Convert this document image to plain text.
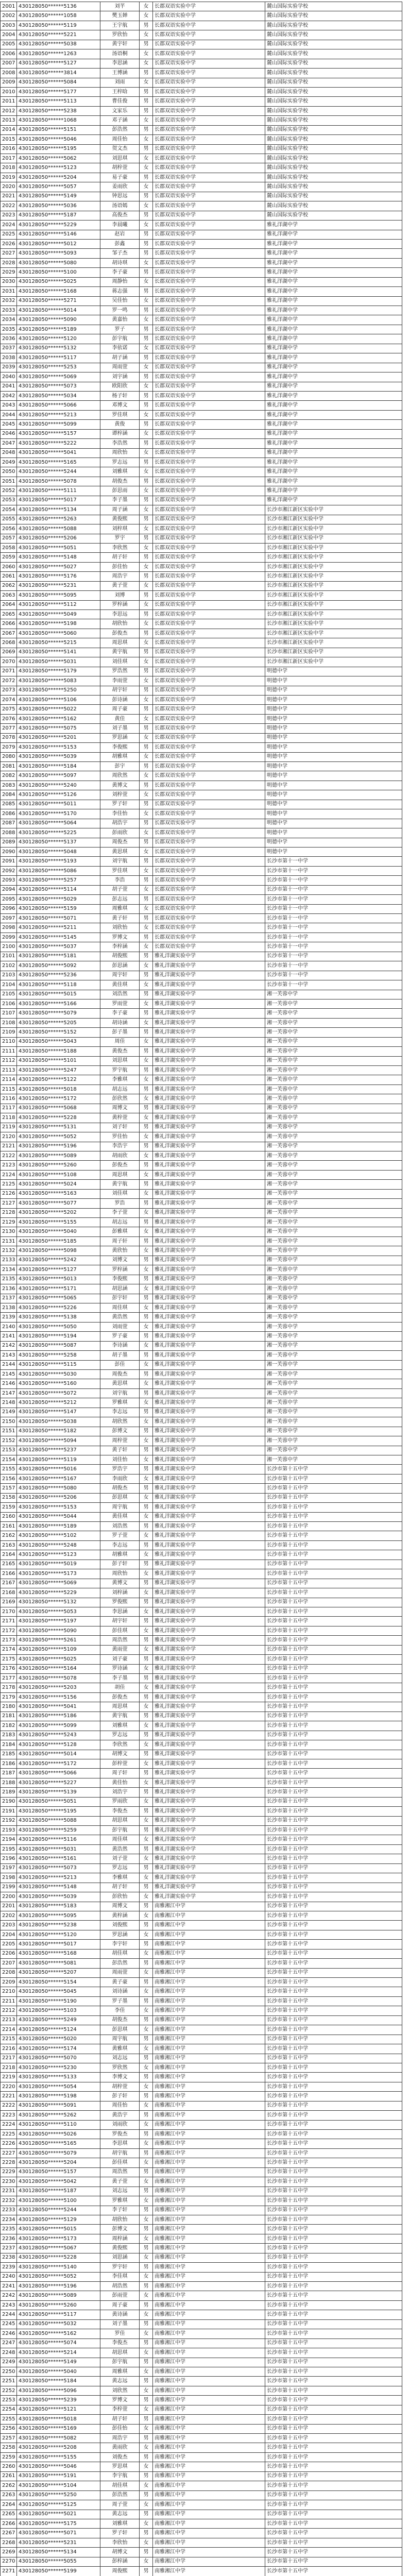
2001	430128050******5136	刘芊	女	长郡双语实验中学	麓山国际实验学校
2002	430128050******1058	樊玉婵	女	长郡双语实验中学	麓山国际实验学校
2003	430128050******5119	王宇航	男	长郡双语实验中学	麓山国际实验学校
2004	430128050******5221	罗欣怡	女	长郡双语实验中学	麓山国际实验学校
2005	430128050******5038	黄宇轩	男	长郡双语实验中学	麓山国际实验学校
2006	430128050******1263	汤语桐	女	长郡双语实验中学	麓山国际实验学校
2007	430128050******5127	李思涵	女	长郡双语实验中学	麓山国际实验学校
2008	430128050******3814	王博涵	男	长郡双语实验中学	麓山国际实验学校
2009	430128050******5084	刘雨	女	长郡双语实验中学	麓山国际实验学校
2010	430128050******5177	王梓晗	男	长郡双语实验中学	麓山国际实验学校
2011	430128050******5113	曹佳俊	男	长郡双语实验中学	麓山国际实验学校
2012	430128050******5238	文家乐	男	长郡双语实验中学	麓山国际实验学校
2013	430128050******1068	邓子涵	女	长郡双语实验中学	麓山国际实验学校
2014	430128050******5151	彭浩然	男	长郡双语实验中学	麓山国际实验学校
2015	430128050******5046	周佳怡	女	长郡双语实验中学	麓山国际实验学校
2016	430128050******5195	贺文杰	男	长郡双语实验中学	麓山国际实验学校
2017	430128050******5062	刘思琪	女	长郡双语实验中学	麓山国际实验学校
2018	430128050******5123	胡梓萱	女	长郡双语实验中学	麓山国际实验学校
2019	430128050******5204	易子豪	男	长郡双语实验中学	麓山国际实验学校
2020	430128050******5057	姜雨欣	女	长郡双语实验中学	麓山国际实验学校
2021	430128050******5149	钟思远	男	长郡双语实验中学	麓山国际实验学校
2022	430128050******5036	汤语嫣	女	长郡双语实验中学	麓山国际实验学校
2023	430128050******5187	高俊杰	男	长郡双语实验中学	麓山国际实验学校
2024	430128050******5229	李晨曦	女	长郡双语实验中学	雅礼洋湖中学
2025	430128050******5146	赵岩	男	长郡双语实验中学	雅礼洋湖中学
2026	430128050******5012	彭鑫	男	长郡双语实验中学	雅礼洋湖中学
2027	430128050******5093	邹子杰	男	长郡双语实验中学	雅礼洋湖中学
2028	430128050******5080	胡诗琪	女	长郡双语实验中学	雅礼洋湖中学
2029	430128050******5100	李子豪	男	长郡双语实验中学	雅礼洋湖中学
2030	430128050******5025	周静怡	女	长郡双语实验中学	雅礼洋湖中学
2031	430128050******5168	蒋志强	男	长郡双语实验中学	雅礼洋湖中学
2032	430128050******5271	吴佳怡	女	长郡双语实验中学	雅礼洋湖中学
2033	430128050******5014	罗一鸣	男	长郡双语实验中学	雅礼洋湖中学
2034	430128050******5090	黄嘉怡	女	长郡双语实验中学	雅礼洋湖中学
2035	430128050******5189	罗子	男	长郡双语实验中学	雅礼洋湖中学
2036	430128050******5120	彭宇航	男	长郡双语实验中学	雅礼洋湖中学
2037	430128050******5132	李依诺	女	长郡双语实验中学	雅礼洋湖中学
2038	430128050******5117	胡子涵	男	长郡双语实验中学	雅礼洋湖中学
2039	430128050******5253	周雨萱	女	长郡双语实验中学	雅礼洋湖中学
2040	430128050******5069	刘宇涵	男	长郡双语实验中学	雅礼洋湖中学
2041	430128050******5073	欧阳欣	女	长郡双语实验中学	雅礼洋湖中学
2042	430128050******5034	杨子轩	男	长郡双语实验中学	雅礼洋湖中学
2043	430128050******5066	邓博文	男	长郡双语实验中学	雅礼洋湖中学
2044	430128050******5213	罗佳琪	女	长郡双语实验中学	雅礼洋湖中学
2045	430128050******5099	黄俊	男	长郡双语实验中学	雅礼洋湖中学
2046	430128050******5157	谭梓涵	女	长郡双语实验中学	雅礼洋湖中学
2047	430128050******5222	李浩然	男	长郡双语实验中学	雅礼洋湖中学
2048	430128050******5041	周欣怡	女	长郡双语实验中学	雅礼洋湖中学
2049	430128050******5165	罗志远	男	长郡双语实验中学	雅礼洋湖中学
2050	430128050******5244	刘雅琪	女	长郡双语实验中学	雅礼洋湖中学
2051	430128050******5078	胡俊杰	男	长郡双语实验中学	雅礼洋湖中学
2052	430128050******5111	彭思雨	女	长郡双语实验中学	雅礼洋湖中学
2053	430128050******5017	李子墨	男	长郡双语实验中学	雅礼洋湖中学
2054	430128050******5134	周子涵	女	长郡双语实验中学	长沙市湘江新区实验中学
2055	430128050******5263	黄俊熙	男	长郡双语实验中学	长沙市湘江新区实验中学
2056	430128050******5088	刘梓琪	女	长郡双语实验中学	长沙市湘江新区实验中学
2057	430128050******5206	罗宇	男	长郡双语实验中学	长沙市湘江新区实验中学
2058	430128050******5051	李欣然	女	长郡双语实验中学	长沙市湘江新区实验中学
2059	430128050******5148	胡子轩	男	长郡双语实验中学	长沙市湘江新区实验中学
2060	430128050******5027	彭佳怡	女	长郡双语实验中学	长沙市湘江新区实验中学
2061	430128050******5176	周浩宇	男	长郡双语实验中学	长沙市湘江新区实验中学
2062	430128050******5231	黄子萱	女	长郡双语实验中学	长沙市湘江新区实验中学
2063	430128050******5095	刘博	男	长郡双语实验中学	长沙市湘江新区实验中学
2064	430128050******5112	罗梓涵	女	长郡双语实验中学	长沙市湘江新区实验中学
2065	430128050******5049	李思远	男	长郡双语实验中学	长沙市湘江新区实验中学
2066	430128050******5198	胡欣怡	女	长郡双语实验中学	长沙市湘江新区实验中学
2067	430128050******5060	彭俊杰	男	长郡双语实验中学	长沙市湘江新区实验中学
2068	430128050******5215	周思琪	女	长郡双语实验中学	长沙市湘江新区实验中学
2069	430128050******5141	黄宇航	男	长郡双语实验中学	长沙市湘江新区实验中学
2070	430128050******5031	刘佳琪	女	长郡双语实验中学	长沙市湘江新区实验中学
2071	430128050******5179	罗浩然	男	长郡双语实验中学	明德中学
2072	430128050******5083	李雨萱	女	长郡双语实验中学	明德中学
2073	430128050******5250	胡宇轩	男	长郡双语实验中学	明德中学
2074	430128050******5106	彭诗涵	女	长郡双语实验中学	明德中学
2075	430128050******5022	周子豪	男	长郡双语实验中学	明德中学
2076	430128050******5162	黄佳	女	长郡双语实验中学	明德中学
2077	430128050******5075	刘子墨	男	长郡双语实验中学	明德中学
2078	430128050******5201	罗思涵	女	长郡双语实验中学	明德中学
2079	430128050******5153	李俊熙	男	长郡双语实验中学	明德中学
2080	430128050******5039	胡雅琪	女	长郡双语实验中学	明德中学
2081	430128050******5184	彭宇	男	长郡双语实验中学	明德中学
2082	430128050******5097	周欣然	女	长郡双语实验中学	明德中学
2083	430128050******5240	黄博文	男	长郡双语实验中学	明德中学
2084	430128050******5126	刘梓萱	女	长郡双语实验中学	明德中学
2085	430128050******5011	罗子轩	男	长郡双语实验中学	明德中学
2086	430128050******5170	李佳怡	女	长郡双语实验中学	明德中学
2087	430128050******5064	胡浩宇	男	长郡双语实验中学	明德中学
2088	430128050******5225	彭雨欣	女	长郡双语实验中学	明德中学
2089	430128050******5137	周俊杰	男	长郡双语实验中学	明德中学
2090	430128050******5048	黄思琪	女	长郡双语实验中学	明德中学
2091	430128050******5193	刘宇航	男	长郡双语实验中学	长沙市第十一中学
2092	430128050******5086	罗佳琪	女	长郡双语实验中学	长沙市第十一中学
2093	430128050******5257	李浩	男	长郡双语实验中学	长沙市第十一中学
2094	430128050******5114	胡子萱	女	长郡双语实验中学	长沙市第十一中学
2095	430128050******5029	彭志远	男	长郡双语实验中学	长沙市第十一中学
2096	430128050******5159	周雅琪	女	长郡双语实验中学	长沙市第十一中学
2097	430128050******5071	黄子轩	男	长郡双语实验中学	长沙市第十一中学
2098	430128050******5211	刘欣怡	女	长郡双语实验中学	长沙市第十一中学
2099	430128050******5145	罗博文	男	长郡双语实验中学	长沙市第十一中学
2100	430128050******5037	李梓涵	女	长郡双语实验中学	长沙市第十一中学
2101	430128050******5181	胡俊熙	男	雅礼洋湖实验中学	长沙市第十一中学
2102	430128050******5092	彭思涵	女	雅礼洋湖实验中学	长沙市第十一中学
2103	430128050******5236	周宇轩	男	雅礼洋湖实验中学	长沙市第十一中学
2104	430128050******5118	黄佳琪	女	雅礼洋湖实验中学	长沙市第十一中学
2105	430128050******5015	刘浩然	男	雅礼洋湖实验中学	湘一芙蓉中学
2106	430128050******5166	罗雨萱	女	雅礼洋湖实验中学	湘一芙蓉中学
2107	430128050******5079	李子豪	男	雅礼洋湖实验中学	湘一芙蓉中学
2108	430128050******5205	胡诗涵	女	雅礼洋湖实验中学	湘一芙蓉中学
2109	430128050******5152	彭子墨	男	雅礼洋湖实验中学	湘一芙蓉中学
2110	430128050******5043	周佳	女	雅礼洋湖实验中学	湘一芙蓉中学
2111	430128050******5188	黄俊杰	男	雅礼洋湖实验中学	湘一芙蓉中学
2112	430128050******5101	刘思琪	女	雅礼洋湖实验中学	湘一芙蓉中学
2113	430128050******5247	罗宇航	男	雅礼洋湖实验中学	湘一芙蓉中学
2114	430128050******5122	李雅琪	女	雅礼洋湖实验中学	湘一芙蓉中学
2115	430128050******5018	胡志远	男	雅礼洋湖实验中学	湘一芙蓉中学
2116	430128050******5172	彭欣然	女	雅礼洋湖实验中学	湘一芙蓉中学
2117	430128050******5068	周博文	男	雅礼洋湖实验中学	湘一芙蓉中学
2118	430128050******5228	黄梓萱	女	雅礼洋湖实验中学	湘一芙蓉中学
2119	430128050******5131	刘子轩	男	雅礼洋湖实验中学	湘一芙蓉中学
2120	430128050******5052	罗佳怡	女	雅礼洋湖实验中学	湘一芙蓉中学
2121	430128050******5196	李浩宇	男	雅礼洋湖实验中学	湘一芙蓉中学
2122	430128050******5089	胡雨欣	女	雅礼洋湖实验中学	湘一芙蓉中学
2123	430128050******5260	彭俊杰	男	雅礼洋湖实验中学	湘一芙蓉中学
2124	430128050******5108	周思琪	女	雅礼洋湖实验中学	湘一芙蓉中学
2125	430128050******5024	黄宇航	男	雅礼洋湖实验中学	湘一芙蓉中学
2126	430128050******5163	刘佳琪	女	雅礼洋湖实验中学	湘一芙蓉中学
2127	430128050******5077	罗浩	男	雅礼洋湖实验中学	湘一芙蓉中学
2128	430128050******5202	李子萱	女	雅礼洋湖实验中学	湘一芙蓉中学
2129	430128050******5155	胡志远	男	雅礼洋湖实验中学	湘一芙蓉中学
2130	430128050******5040	彭雅琪	女	雅礼洋湖实验中学	湘一芙蓉中学
2131	430128050******5185	周子轩	男	雅礼洋湖实验中学	湘一芙蓉中学
2132	430128050******5098	黄欣怡	女	雅礼洋湖实验中学	湘一芙蓉中学
2133	430128050******5242	刘博文	男	雅礼洋湖实验中学	湘一芙蓉中学
2134	430128050******5127	罗梓涵	女	雅礼洋湖实验中学	湘一芙蓉中学
2135	430128050******5013	李俊熙	男	雅礼洋湖实验中学	湘一芙蓉中学
2136	430128050******5171	胡思涵	女	雅礼洋湖实验中学	湘一芙蓉中学
2137	430128050******5065	彭宇轩	男	雅礼洋湖实验中学	湘一芙蓉中学
2138	430128050******5226	周佳琪	女	雅礼洋湖实验中学	湘一芙蓉中学
2139	430128050******5138	黄浩然	男	雅礼洋湖实验中学	湘一芙蓉中学
2140	430128050******5050	刘雨萱	女	雅礼洋湖实验中学	湘一芙蓉中学
2141	430128050******5194	罗子豪	男	雅礼洋湖实验中学	湘一芙蓉中学
2142	430128050******5087	李诗涵	女	雅礼洋湖实验中学	湘一芙蓉中学
2143	430128050******5258	胡子墨	男	雅礼洋湖实验中学	湘一芙蓉中学
2144	430128050******5115	彭佳	女	雅礼洋湖实验中学	湘一芙蓉中学
2145	430128050******5030	周俊杰	男	雅礼洋湖实验中学	湘一芙蓉中学
2146	430128050******5160	黄思琪	女	雅礼洋湖实验中学	湘一芙蓉中学
2147	430128050******5072	刘宇航	男	雅礼洋湖实验中学	湘一芙蓉中学
2148	430128050******5212	罗雅琪	女	雅礼洋湖实验中学	湘一芙蓉中学
2149	430128050******5147	李志远	男	雅礼洋湖实验中学	湘一芙蓉中学
2150	430128050******5038	胡欣然	女	雅礼洋湖实验中学	湘一芙蓉中学
2151	430128050******5182	彭博文	男	雅礼洋湖实验中学	湘一芙蓉中学
2152	430128050******5094	周梓萱	女	雅礼洋湖实验中学	湘一芙蓉中学
2153	430128050******5237	黄子轩	男	雅礼洋湖实验中学	湘一芙蓉中学
2154	430128050******5119	刘佳怡	女	雅礼洋湖实验中学	湘一芙蓉中学
2155	430128050******5016	罗浩宇	男	雅礼洋湖实验中学	长沙市第十五中学
2156	430128050******5167	李雨欣	女	雅礼洋湖实验中学	长沙市第十五中学
2157	430128050******5080	胡俊杰	男	雅礼洋湖实验中学	长沙市第十五中学
2158	430128050******5206	彭思琪	女	雅礼洋湖实验中学	长沙市第十五中学
2159	430128050******5153	周宇航	男	雅礼洋湖实验中学	长沙市第十五中学
2160	430128050******5044	黄佳琪	女	雅礼洋湖实验中学	长沙市第十五中学
2161	430128050******5189	刘浩然	男	雅礼洋湖实验中学	长沙市第十五中学
2162	430128050******5102	罗子萱	女	雅礼洋湖实验中学	长沙市第十五中学
2163	430128050******5248	李志远	男	雅礼洋湖实验中学	长沙市第十五中学
2164	430128050******5123	胡雅琪	女	雅礼洋湖实验中学	长沙市第十五中学
2165	430128050******5019	彭子轩	男	雅礼洋湖实验中学	长沙市第十五中学
2166	430128050******5173	周欣怡	女	雅礼洋湖实验中学	长沙市第十五中学
2167	430128050******5069	黄博文	男	雅礼洋湖实验中学	长沙市第十五中学
2168	430128050******5229	刘梓涵	女	雅礼洋湖实验中学	长沙市第十五中学
2169	430128050******5132	罗俊熙	男	雅礼洋湖实验中学	长沙市第十五中学
2170	430128050******5053	李思涵	女	雅礼洋湖实验中学	长沙市第十五中学
2171	430128050******5197	胡宇轩	男	雅礼洋湖实验中学	长沙市第十五中学
2172	430128050******5090	彭佳琪	女	雅礼洋湖实验中学	长沙市第十五中学
2173	430128050******5261	周浩然	男	雅礼洋湖实验中学	长沙市第十五中学
2174	430128050******5109	黄雨萱	女	雅礼洋湖实验中学	长沙市第十五中学
2175	430128050******5025	刘子豪	男	雅礼洋湖实验中学	长沙市第十五中学
2176	430128050******5164	罗诗涵	女	雅礼洋湖实验中学	长沙市第十五中学
2177	430128050******5078	李子墨	男	雅礼洋湖实验中学	长沙市第十五中学
2178	430128050******5203	胡佳	女	雅礼洋湖实验中学	长沙市第十五中学
2179	430128050******5156	彭俊杰	男	雅礼洋湖实验中学	长沙市第十五中学
2180	430128050******5041	周思琪	女	雅礼洋湖实验中学	长沙市第十五中学
2181	430128050******5186	黄宇航	男	雅礼洋湖实验中学	长沙市第十五中学
2182	430128050******5099	刘雅琪	女	雅礼洋湖实验中学	长沙市第十五中学
2183	430128050******5243	罗志远	男	雅礼洋湖实验中学	长沙市第十五中学
2184	430128050******5128	李欣然	女	雅礼洋湖实验中学	长沙市第十五中学
2185	430128050******5014	胡博文	男	雅礼洋湖实验中学	长沙市第十五中学
2186	430128050******5172	彭梓萱	女	雅礼洋湖实验中学	长沙市第十五中学
2187	430128050******5066	周子轩	男	雅礼洋湖实验中学	长沙市第十五中学
2188	430128050******5227	黄佳怡	女	雅礼洋湖实验中学	长沙市第十五中学
2189	430128050******5139	刘浩宇	男	雅礼洋湖实验中学	长沙市第十五中学
2190	430128050******5051	罗雨欣	女	雅礼洋湖实验中学	长沙市第十五中学
2191	430128050******5195	李俊杰	男	雅礼洋湖实验中学	长沙市第十五中学
2192	430128050******5088	胡思琪	女	雅礼洋湖实验中学	长沙市第十五中学
2193	430128050******5259	彭宇航	男	雅礼洋湖实验中学	长沙市第十五中学
2194	430128050******5116	周佳琪	女	雅礼洋湖实验中学	长沙市第十五中学
2195	430128050******5031	黄浩然	男	雅礼洋湖实验中学	长沙市第十五中学
2196	430128050******5161	刘子萱	女	雅礼洋湖实验中学	长沙市第十五中学
2197	430128050******5073	罗志远	男	雅礼洋湖实验中学	长沙市第十五中学
2198	430128050******5213	李雅琪	女	雅礼洋湖实验中学	长沙市第十五中学
2199	430128050******5148	胡子轩	男	雅礼洋湖实验中学	长沙市第十五中学
2200	430128050******5039	彭欣怡	女	雅礼洋湖实验中学	长沙市第十五中学
2201	430128050******5183	周博文	男	南雅湘江中学	长沙市第十五中学
2202	430128050******5095	黄梓涵	女	南雅湘江中学	长沙市第十五中学
2203	430128050******5238	刘俊熙	男	南雅湘江中学	长沙市第十五中学
2204	430128050******5120	罗思涵	女	南雅湘江中学	长沙市第十五中学
2205	430128050******5017	李宇轩	男	南雅湘江中学	长沙市第十五中学
2206	430128050******5168	胡佳琪	女	南雅湘江中学	长沙市第十五中学
2207	430128050******5081	彭浩然	男	南雅湘江中学	长沙市第十五中学
2208	430128050******5207	周雨萱	女	南雅湘江中学	长沙市第十五中学
2209	430128050******5154	黄子豪	男	南雅湘江中学	长沙市第十五中学
2210	430128050******5045	刘诗涵	女	南雅湘江中学	长沙市第十五中学
2211	430128050******5190	罗子墨	男	南雅湘江中学	长沙市第十五中学
2212	430128050******5103	李佳	女	南雅湘江中学	长沙市第十五中学
2213	430128050******5249	胡俊杰	男	南雅湘江中学	长沙市第十五中学
2214	430128050******5124	彭思琪	女	南雅湘江中学	长沙市第十五中学
2215	430128050******5020	周宇航	男	南雅湘江中学	长沙市第十五中学
2216	430128050******5174	黄雅琪	女	南雅湘江中学	长沙市第十五中学
2217	430128050******5070	刘志远	男	南雅湘江中学	长沙市第十五中学
2218	430128050******5230	罗欣然	女	南雅湘江中学	长沙市第十五中学
2219	430128050******5133	李博文	男	南雅湘江中学	长沙市第十五中学
2220	430128050******5054	胡梓萱	女	南雅湘江中学	长沙市第十五中学
2221	430128050******5198	彭子轩	男	南雅湘江中学	长沙市第十五中学
2222	430128050******5091	周佳怡	女	南雅湘江中学	长沙市第十五中学
2223	430128050******5262	黄浩宇	男	南雅湘江中学	长沙市第十五中学
2224	430128050******5110	刘雨欣	女	南雅湘江中学	长沙市第十五中学
2225	430128050******5026	罗俊杰	男	南雅湘江中学	长沙市第十五中学
2226	430128050******5165	李思琪	女	南雅湘江中学	长沙市第十五中学
2227	430128050******5079	胡宇航	男	南雅湘江中学	长沙市第十五中学
2228	430128050******5204	彭佳琪	女	南雅湘江中学	长沙市第十五中学
2229	430128050******5157	周浩然	男	南雅湘江中学	长沙市第十五中学
2230	430128050******5042	黄子萱	女	南雅湘江中学	长沙市第十五中学
2231	430128050******5187	刘志远	男	南雅湘江中学	长沙市第十五中学
2232	430128050******5100	罗雅琪	女	南雅湘江中学	长沙市第十五中学
2233	430128050******5244	李子轩	男	南雅湘江中学	长沙市第十五中学
2234	430128050******5129	胡欣怡	女	南雅湘江中学	长沙市第十五中学
2235	430128050******5015	彭博文	男	南雅湘江中学	长沙市第十五中学
2236	430128050******5173	周梓涵	女	南雅湘江中学	长沙市第十五中学
2237	430128050******5067	黄俊熙	男	南雅湘江中学	长沙市第十五中学
2238	430128050******5228	刘思涵	女	南雅湘江中学	长沙市第十五中学
2239	430128050******5140	罗宇轩	男	南雅湘江中学	长沙市第十五中学
2240	430128050******5052	李佳琪	女	南雅湘江中学	长沙市第十五中学
2241	430128050******5196	胡浩然	男	南雅湘江中学	长沙市第十五中学
2242	430128050******5089	彭雨萱	女	南雅湘江中学	长沙市第十五中学
2243	430128050******5260	周子豪	男	南雅湘江中学	长沙市第十五中学
2244	430128050******5117	黄诗涵	女	南雅湘江中学	长沙市第十五中学
2245	430128050******5032	刘子墨	男	南雅湘江中学	长沙市第十五中学
2246	430128050******5162	罗佳	女	南雅湘江中学	长沙市第十五中学
2247	430128050******5074	李俊杰	男	南雅湘江中学	长沙市第十五中学
2248	430128050******5214	胡思琪	女	南雅湘江中学	长沙市第十五中学
2249	430128050******5149	彭宇航	男	南雅湘江中学	长沙市第十五中学
2250	430128050******5040	周雅琪	女	南雅湘江中学	长沙市第十五中学
2251	430128050******5184	黄志远	男	南雅湘江中学	长沙市第十五中学
2252	430128050******5096	刘欣然	女	南雅湘江中学	长沙市第十五中学
2253	430128050******5239	罗博文	男	南雅湘江中学	长沙市第十五中学
2254	430128050******5121	李梓萱	女	南雅湘江中学	长沙市第十五中学
2255	430128050******5018	胡子轩	男	南雅湘江中学	长沙市第十五中学
2256	430128050******5169	彭佳怡	女	南雅湘江中学	长沙市第十五中学
2257	430128050******5082	周浩宇	男	南雅湘江中学	长沙市第十五中学
2258	430128050******5208	黄雨欣	女	南雅湘江中学	长沙市第十五中学
2259	430128050******5155	刘俊杰	男	南雅湘江中学	长沙市第十五中学
2260	430128050******5046	罗思琪	女	南雅湘江中学	长沙市第十五中学
2261	430128050******5191	李宇航	男	南雅湘江中学	长沙市第十五中学
2262	430128050******5104	胡佳琪	女	南雅湘江中学	长沙市第十五中学
2263	430128050******5250	彭浩然	男	南雅湘江中学	长沙市第十五中学
2264	430128050******5125	周子萱	女	南雅湘江中学	长沙市第十五中学
2265	430128050******5021	黄志远	男	南雅湘江中学	长沙市第十五中学
2266	430128050******5175	刘雅琪	女	南雅湘江中学	长沙市第十五中学
2267	430128050******5071	罗子轩	男	南雅湘江中学	长沙市第十五中学
2268	430128050******5231	李欣怡	女	南雅湘江中学	长沙市第十五中学
2269	430128050******5134	胡博文	男	南雅湘江中学	长沙市第十五中学
2270	430128050******5055	彭梓涵	女	南雅湘江中学	长沙市第十五中学
2271	430128050******5199	周俊熙	男	南雅湘江中学	长沙市第十五中学
